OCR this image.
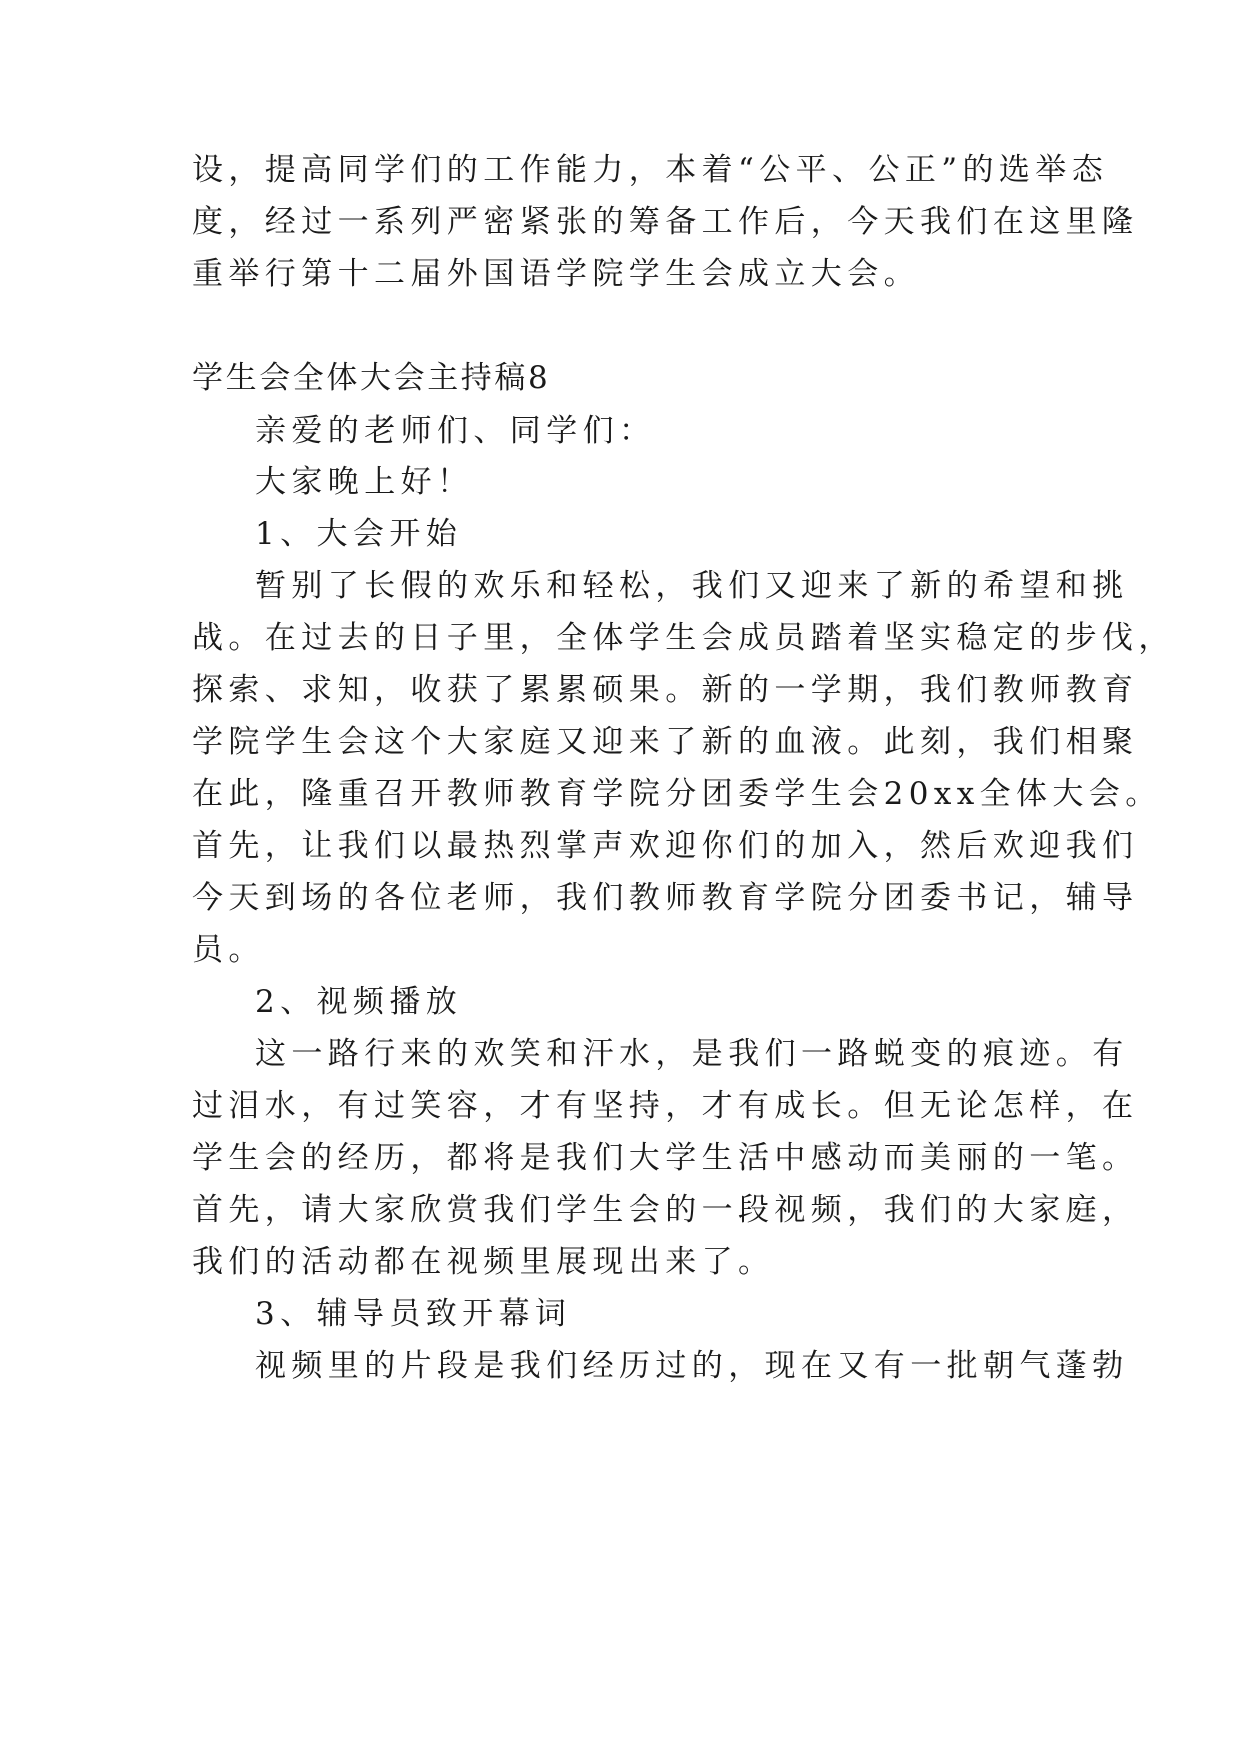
设，提高同学们的工作能力，本着“公平、公正”的选举态

度，经过一系列严密紧张的筹备工作后，今天我们在这里隆

重举行第十二届外国语学院学生会成立大会。

学生会全体大会主持稿8

亲爱的老师们、同学们：

大家晚上好！

1、大会开始

暂别了长假的欢乐和轻松，我们又迎来了新的希望和挑

战。在过去的日子里，全体学生会成员踏着坚实稳定的步伐，

探索、求知，收获了累累硕果。新的一学期，我们教师教育

学院学生会这个大家庭又迎来了新的血液。此刻，我们相聚

在此，隆重召开教师教育学院分团委学生会20xx全体大会。

首先，让我们以最热烈掌声欢迎你们的加入，然后欢迎我们

今天到场的各位老师，我们教师教育学院分团委书记，辅导

员。

2、视频播放

这一路行来的欢笑和汗水，是我们一路蜕变的痕迹。有

过泪水，有过笑容，才有坚持，才有成长。但无论怎样，在

学生会的经历，都将是我们大学生活中感动而美丽的一笔。

首先，请大家欣赏我们学生会的一段视频，我们的大家庭，

我们的活动都在视频里展现出来了。

3、辅导员致开幕词

视频里的片段是我们经历过的，现在又有一批朝气蓬勃
